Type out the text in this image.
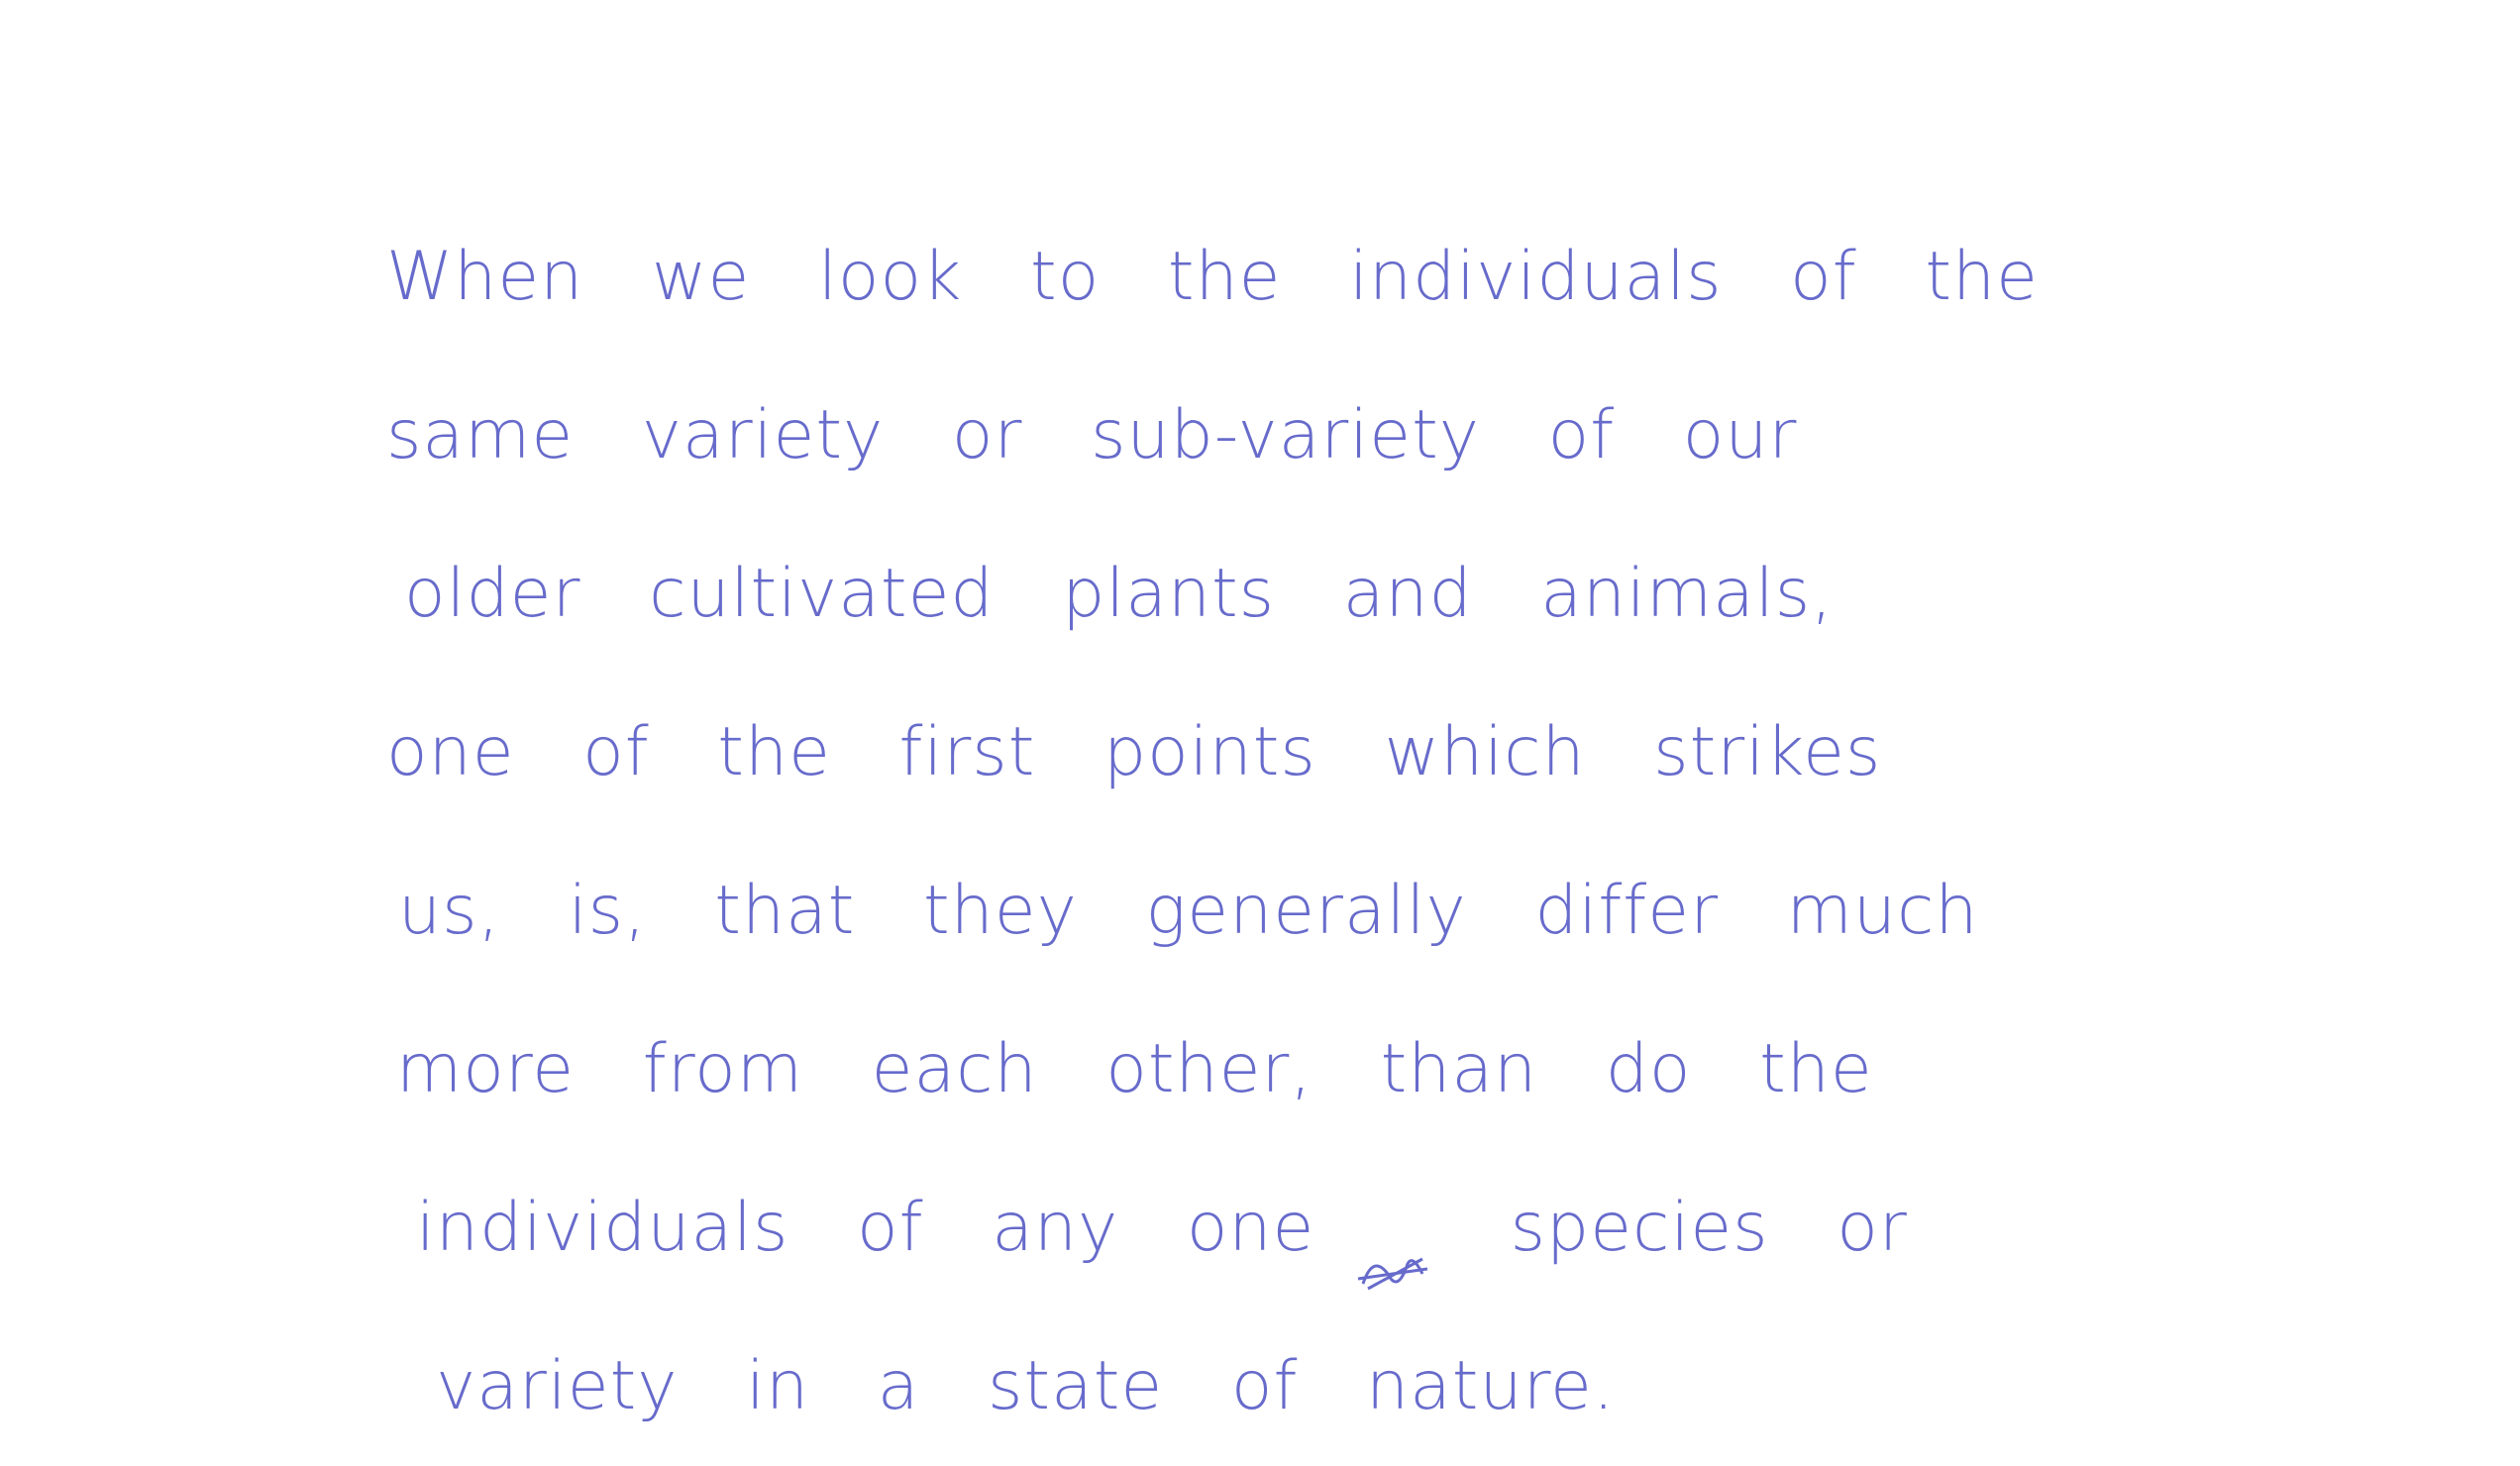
When we look to the individuals of the
same variety or sub-variety of our
older cultivated plants and animals,
one of the first points which strikes
us, is, that they generally differ much
more from each other, than do the
individuals of any one	species or
variety in a state of nature.
